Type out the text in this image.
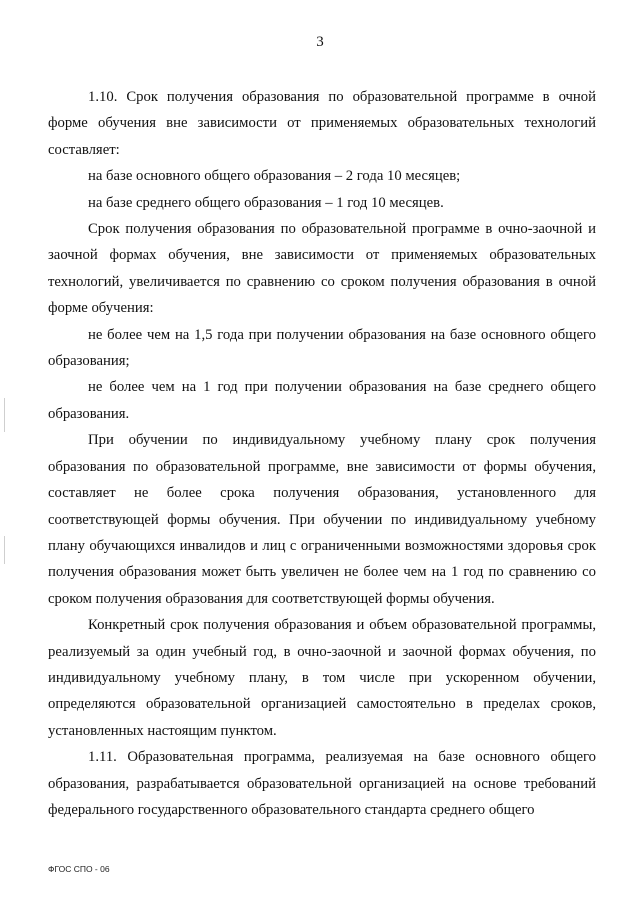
3

1.10. Срок получения образования по образовательной программе в очной форме обучения вне зависимости от применяемых образовательных технологий составляет:

на базе основного общего образования – 2 года 10 месяцев;

на базе среднего общего образования – 1 год 10 месяцев.

Срок получения образования по образовательной программе в очно-заочной и заочной формах обучения, вне зависимости от применяемых образовательных технологий, увеличивается по сравнению со сроком получения образования в очной форме обучения:

не более чем на 1,5 года при получении образования на базе основного общего образования;

не более чем на 1 год при получении образования на базе среднего общего образования.

При обучении по индивидуальному учебному плану срок получения образования по образовательной программе, вне зависимости от формы обучения, составляет не более срока получения образования, установленного для соответствующей формы обучения. При обучении по индивидуальному учебному плану обучающихся инвалидов и лиц с ограниченными возможностями здоровья срок получения образования может быть увеличен не более чем на 1 год по сравнению со сроком получения образования для соответствующей формы обучения.

Конкретный срок получения образования и объем образовательной программы, реализуемый за один учебный год, в очно-заочной и заочной формах обучения, по индивидуальному учебному плану, в том числе при ускоренном обучении, определяются образовательной организацией самостоятельно в пределах сроков, установленных настоящим пунктом.

1.11. Образовательная программа, реализуемая на базе основного общего образования, разрабатывается образовательной организацией на основе требований федерального государственного образовательного стандарта среднего общего

ФГОС СПО - 06
